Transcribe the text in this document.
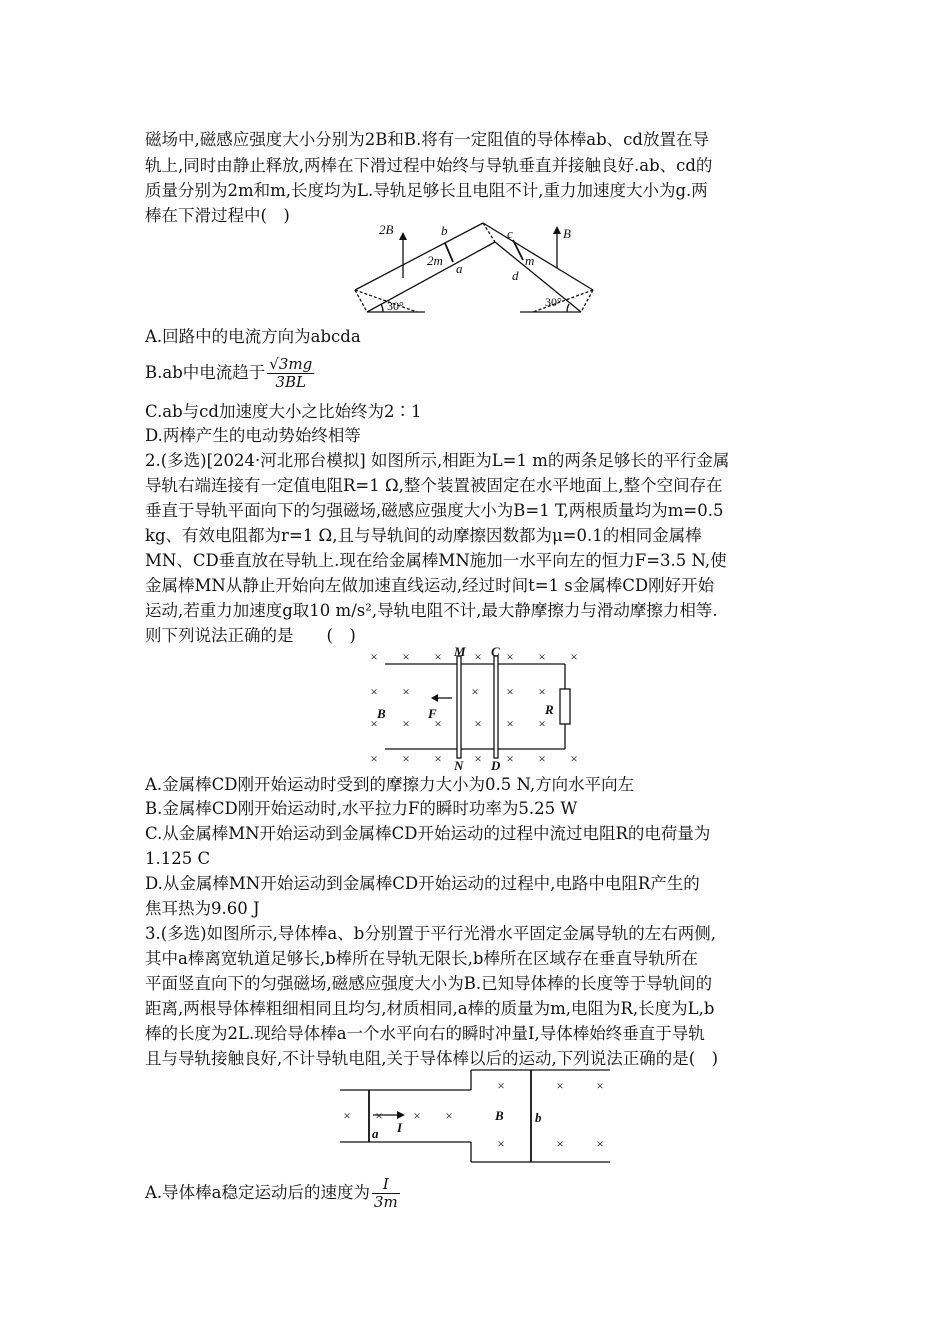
磁场中,磁感应强度大小分别为2B和B.将有一定阻值的导体棒ab、cd放置在导
轨上,同时由静止释放,两棒在下滑过程中始终与导轨垂直并接触良好.ab、cd的
质量分别为2m和m,长度均为L.导轨足够长且电阻不计,重力加速度大小为g.两
棒在下滑过程中(　)
2B	B
b
a
2m
c
m
d
30°	30°
A.回路中的电流方向为abcda
B.ab中电流趋于 $\frac{√3mg}{3BL}$
C.ab与cd加速度大小之比始终为2∶1
D.两棒产生的电动势始终相等
2.(多选)[2024·河北邢台模拟] 如图所示,相距为L=1 m的两条足够长的平行金属
导轨右端连接有一定值电阻R=1 Ω,整个装置被固定在水平地面上,整个空间存在
垂直于导轨平面向下的匀强磁场,磁感应强度大小为B=1 T,两根质量均为m=0.5
kg、有效电阻都为r=1 Ω,且与导轨间的动摩擦因数都为μ=0.1的相同金属棒
MN、CD垂直放在导轨上.现在给金属棒MN施加一水平向左的恒力F=3.5 N,使
金属棒MN从静止开始向左做加速直线运动,经过时间t=1 s金属棒CD刚好开始
运动,若重力加速度g取10 m/s²,导轨电阻不计,最大静摩擦力与滑动摩擦力相等.
则下列说法正确的是　　(　)
× × ×	× × × ×
× ×	× × ×
× × ×	× × ×
× × ×	× × × ×
M
N
C
D
F
B	R
A.金属棒CD刚开始运动时受到的摩擦力大小为0.5 N,方向水平向左
B.金属棒CD刚开始运动时,水平拉力F的瞬时功率为5.25 W
C.从金属棒MN开始运动到金属棒CD开始运动的过程中流过电阻R的电荷量为
1.125 C
D.从金属棒MN开始运动到金属棒CD开始运动的过程中,电路中电阻R产生的
焦耳热为9.60 J
3.(多选)如图所示,导体棒a、b分别置于平行光滑水平固定金属导轨的左右两侧,
其中a棒离宽轨道足够长,b棒所在导轨无限长,b棒所在区域存在垂直导轨所在
平面竖直向下的匀强磁场,磁感应强度大小为B.已知导体棒的长度等于导轨间的
距离,两根导体棒粗细相同且均匀,材质相同,a棒的质量为m,电阻为R,长度为L,b
棒的长度为2L.现给导体棒a一个水平向右的瞬时冲量I,导体棒始终垂直于导轨
且与导轨接触良好,不计导轨电阻,关于导体棒以后的运动,下列说法正确的是(　)
× × × ×
×	×	×
×	×	×
a I
B b
A.导体棒a稳定运动后的速度为 $\frac{I}{3m}$
